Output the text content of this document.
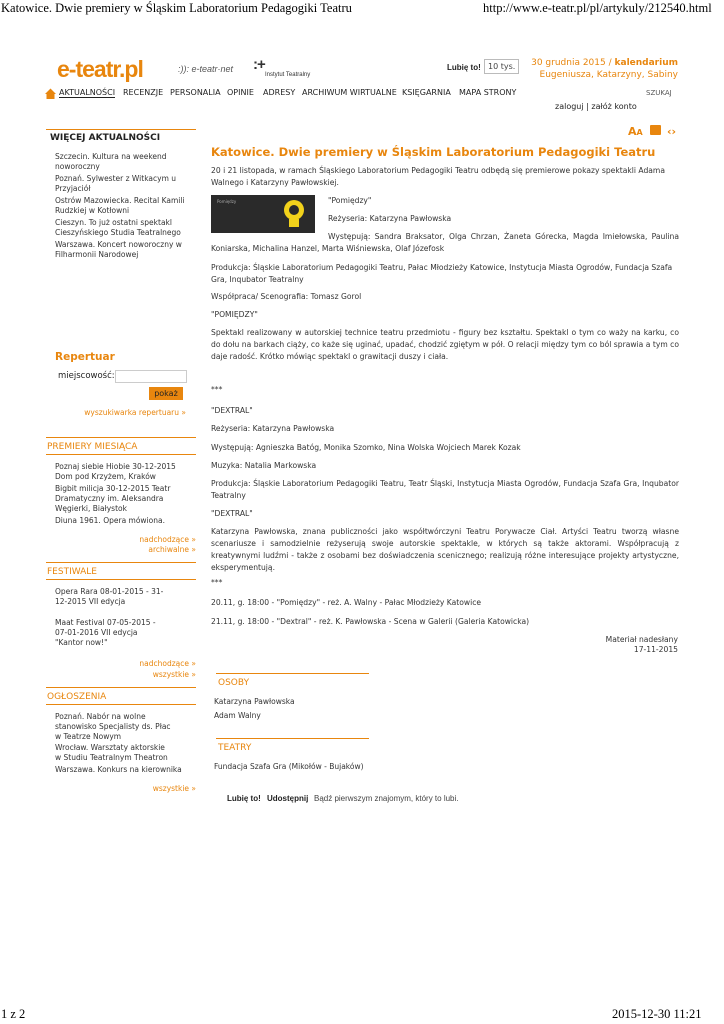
Katowice. Dwie premiery w Śląskim Laboratorium Pedagogiki Teatru	http://www.e-teatr.pl/pl/artykuly/212540.html
1 z 2	2015-12-30 11:21
e-teatr.pl	:)): e-teatr·net :+
Instytut Teatralny
Lubię to! 10 tys.	30 grudnia 2015 / kalendarium
Eugeniusza, Katarzyny, Sabiny
AKTUALNOŚCI RECENZJE PERSONALIA OPINIE ADRESY ARCHIWUM WIRTUALNE KSIĘGARNIA MAPA STRONY	SZUKAJ
zaloguj | załóż konto
AA ‹›
WIĘCEJ AKTUALNOŚCI
Szczecin. Kultura na weekend noworoczny
Poznań. Sylwester z Witkacym u Przyjaciół
Ostrów Mazowiecka. Recital Kamili Rudzkiej w Kotłowni
Cieszyn. To już ostatni spektakl Cieszyńskiego Studia Teatralnego
Warszawa. Koncert noworoczny w Filharmonii Narodowej
Repertuar
miejscowość:
pokaż
wyszukiwarka repertuaru »
PREMIERY MIESIĄCA
Poznaj siebie Hiobie 30-12-2015 Dom pod Krzyżem, Kraków
Bigbit milicja 30-12-2015 Teatr Dramatyczny im. Aleksandra Węgierki, Białystok
Diuna 1961. Opera mówiona.
nadchodzące »
archiwalne »
FESTIWALE
Opera Rara 08-01-2015 - 31-12-2015 VII edycja
Maat Festival 07-05-2015 - 07-01-2016 VII edycja "Kantor now!"
nadchodzące »
wszystkie »
OGŁOSZENIA
Poznań. Nabór na wolne stanowisko Specjalisty ds. Płac w Teatrze Nowym
Wrocław. Warsztaty aktorskie w Studiu Teatralnym Theatron
Warszawa. Konkurs na kierownika
wszystkie »
Katowice. Dwie premiery w Śląskim Laboratorium Pedagogiki Teatru
20 i 21 listopada, w ramach Śląskiego Laboratorium Pedagogiki Teatru odbędą się premierowe pokazy spektakli Adama Walnego i Katarzyny Pawłowskiej.
Pomiędzy	"Pomiędzy"
Reżyseria: Katarzyna Pawłowska
Występują: Sandra Braksator, Olga Chrzan, Żaneta Górecka, Magda Imiełowska, Paulina Koniarska, Michalina Hanzel, Marta Wiśniewska, Olaf Józefosk
Produkcja: Śląskie Laboratorium Pedagogiki Teatru, Pałac Młodzieży Katowice, Instytucja Miasta Ogrodów, Fundacja Szafa Gra, Inqubator Teatralny
Współpraca/ Scenografia: Tomasz Gorol
"POMIĘDZY"
Spektakl realizowany w autorskiej technice teatru przedmiotu - figury bez kształtu. Spektakl o tym co waży na karku, co do dołu na barkach ciąży, co każe się uginać, upadać, chodzić zgiętym w pół. O relacji między tym co ból sprawia a tym co daje radość. Krótko mówiąc spektakl o grawitacji duszy i ciała.
***
"DEXTRAL"
Reżyseria: Katarzyna Pawłowska
Występują: Agnieszka Batóg, Monika Szomko, Nina Wolska Wojciech Marek Kozak
Muzyka: Natalia Markowska
Produkcja: Śląskie Laboratorium Pedagogiki Teatru, Teatr Śląski, Instytucja Miasta Ogrodów, Fundacja Szafa Gra, Inqubator Teatralny
"DEXTRAL"
Katarzyna Pawłowska, znana publiczności jako współtwórczyni Teatru Porywacze Ciał. Artyści Teatru tworzą własne scenariusze i samodzielnie reżyserują swoje autorskie spektakle, w których są także aktorami. Współpracują z kreatywnymi ludźmi - także z osobami bez doświadczenia scenicznego; realizują różne interesujące projekty artystyczne, eksperymentują.
***
20.11, g. 18:00 - "Pomiędzy" - reż. A. Walny - Pałac Młodzieży Katowice
21.11, g. 18:00 - "Dextral" - reż. K. Pawłowska - Scena w Galerii (Galeria Katowicka)
Materiał nadesłany
17-11-2015
OSOBY
Katarzyna Pawłowska
Adam Walny
TEATRY
Fundacja Szafa Gra (Mikołów - Bujaków)
Lubię to! Udostępnij Bądź pierwszym znajomym, który to lubi.
